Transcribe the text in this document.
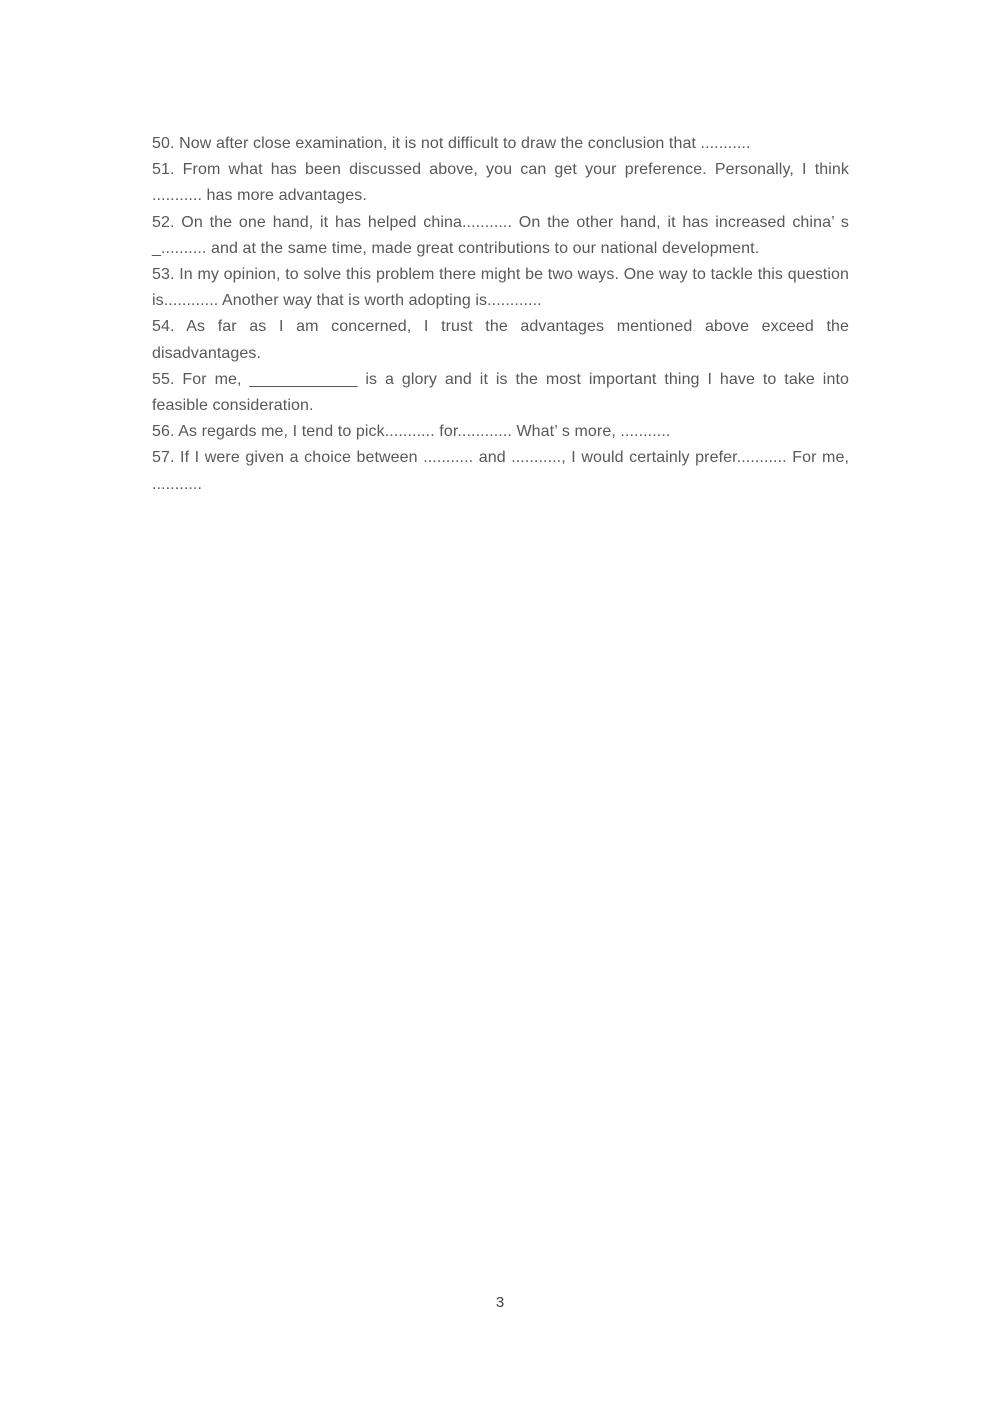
50. Now after close examination, it is not difficult to draw the conclusion that ...........

51. From what has been discussed above, you can get your preference. Personally, I think ........... has more advantages.

52. On the one hand, it has helped china........... On the other hand, it has increased china’ s _.......... and at the same time, made great contributions to our national development.

53. In my opinion, to solve this problem there might be two ways. One way to tackle this question is............ Another way that is worth adopting is............

54. As far as I am concerned, I trust the advantages mentioned above exceed the disadvantages.

55. For me, ____________ is a glory and it is the most important thing I have to take into feasible consideration.

56. As regards me, I tend to pick........... for............ What’ s more, ...........

57. If I were given a choice between ........... and ..........., I would certainly prefer........... For me, ...........

3
